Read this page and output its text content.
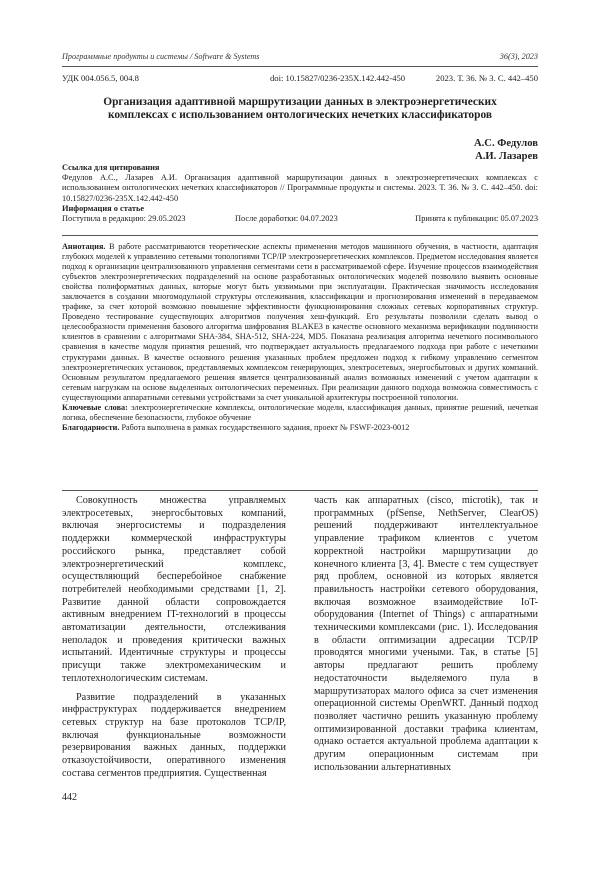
Программные продукты и системы / Software & Systems	36(3), 2023
УДК 004.056.5, 004.8	doi: 10.15827/0236-235X.142.442-450	2023. Т. 36. № 3. С. 442–450
Организация адаптивной маршрутизации данных в электроэнергетических комплексах с использованием онтологических нечетких классификаторов
А.С. Федулов
А.И. Лазарев
Ссылка для цитирования

Федулов А.С., Лазарев А.И. Организация адаптивной маршрутизации данных в электроэнергетических комплексах с использованием онтологических нечетких классификаторов // Программные продукты и системы. 2023. Т. 36. № 3. С. 442–450. doi: 10.15827/0236-235X.142.442-450

Информация о статье
Поступила в редакцию: 29.05.2023	После доработки: 04.07.2023	Принята к публикации: 05.07.2023

Аннотация. В работе рассматриваются теоретические аспекты применения методов машинного обучения, в частности, адаптация глубоких моделей к управлению сетевыми топологиями TCP/IP электроэнергетических комплексов. Предметом исследования является подход к организации централизованного управления сегментами сети в рассматриваемой сфере. Изучение процессов взаимодействия субъектов электроэнергетических подразделений на основе разработанных онтологических моделей позволило выявить основные свойства полиформатных данных, которые могут быть уязвимыми при эксплуатации. Практическая значимость исследования заключается в создании многомодульной структуры отслеживания, классификации и прогнозирования изменений в передаваемом трафике, за счет которой возможно повышение эффективности функционирования сложных сетевых корпоративных структур. Проведено тестирование существующих алгоритмов получения хеш-функций. Его результаты позволили сделать вывод о целесообразности применения базового алгоритма шифрования BLAKE3 в качестве основного механизма верификации подлинности клиентов в сравнении с алгоритмами SHA-384, SHA-512, SHA-224, MD5. Показана реализация алгоритма нечеткого посимвольного сравнения в качестве модуля принятия решений, что подтверждает актуальность предлагаемого подхода при работе с нечеткими структурами данных. В качестве основного решения указанных проблем предложен подход к гибкому управлению сегментом электроэнергетических установок, представляемых комплексом генерирующих, электросетевых, энергосбытовых и других компаний. Основным результатом предлагаемого решения является централизованный анализ возможных изменений с учетом адаптации к сетевым нагрузкам на основе выделенных онтологических переменных. При реализации данного подхода возможна совместимость с существующими аппаратными сетевыми устройствами за счет уникальной архитектуры построенной топологии.

Ключевые слова: электроэнергетические комплексы, онтологические модели, классификация данных, принятие решений, нечеткая логика, обеспечение безопасности, глубокое обучение

Благодарности. Работа выполнена в рамках государственного задания, проект № FSWF-2023-0012

Совокупность множества управляемых электросетевых, энергосбытовых компаний, включая энергосистемы и подразделения поддержки коммерческой инфраструктуры российского рынка, представляет собой электроэнергетический комплекс, осуществляющий бесперебойное снабжение потребителей необходимыми средствами [1, 2]. Развитие данной области сопровождается активным внедрением IT-технологий в процессы автоматизации деятельности, отслеживания неполадок и проведения критически важных испытаний. Идентичные структуры и процессы присущи также электромеханическим и теплотехнологическим системам.

Развитие подразделений в указанных инфраструктурах поддерживается внедрением сетевых структур на базе протоколов TCP/IP, включая функциональные возможности резервирования важных данных, поддержки отказоустойчивости, оперативного изменения состава сегментов предприятия. Существенная

часть как аппаратных (cisco, microtik), так и программных (pfSense, NethServer, ClearOS) решений поддерживают интеллектуальное управление трафиком клиентов с учетом корректной настройки маршрутизации до конечного клиента [3, 4]. Вместе с тем существует ряд проблем, основной из которых является правильность настройки сетевого оборудования, включая возможное взаимодействие IoT-оборудования (Internet of Things) с аппаратными техническими комплексами (рис. 1). Исследования в области оптимизации адресации TCP/IP проводятся многими учеными. Так, в статье [5] авторы предлагают решить проблему недостаточности выделяемого пула в маршрутизаторах малого офиса за счет изменения операционной системы OpenWRT. Данный подход позволяет частично решить указанную проблему оптимизированной доставки трафика клиентам, однако остается актуальной проблема адаптации к другим операционным системам при использовании альтернативных

442
